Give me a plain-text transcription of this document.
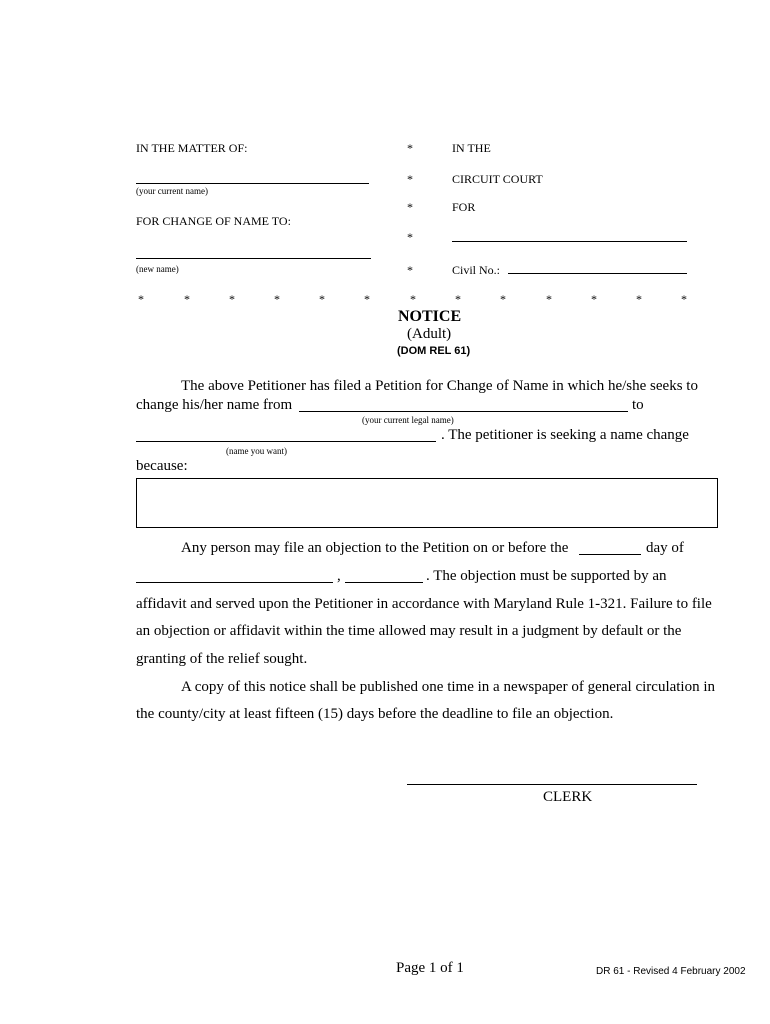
IN THE MATTER OF:
(your current name)
FOR CHANGE OF NAME TO:
(new name)
*
*
*
*
*
IN THE
CIRCUIT COURT
FOR
Civil No.:
*	*	*	*	*	*	*	*	*	*	*	*	*
NOTICE
(Adult)
(DOM REL 61)
The above Petitioner has filed a Petition for Change of Name in which he/she seeks to
change his/her name from	to
(your current legal name)
. The petitioner is seeking a name change
(name you want)
because:
Any person may file an objection to the Petition on or before the	day of
,	. The objection must be supported by an
affidavit and served upon the Petitioner in accordance with Maryland Rule 1-321. Failure to file
an objection or affidavit within the time allowed may result in a judgment by default or the
granting of the relief sought.
A copy of this notice shall be published one time in a newspaper of general circulation in
the county/city at least fifteen (15) days before the deadline to file an objection.
CLERK
Page 1 of 1	DR 61 - Revised 4 February 2002
